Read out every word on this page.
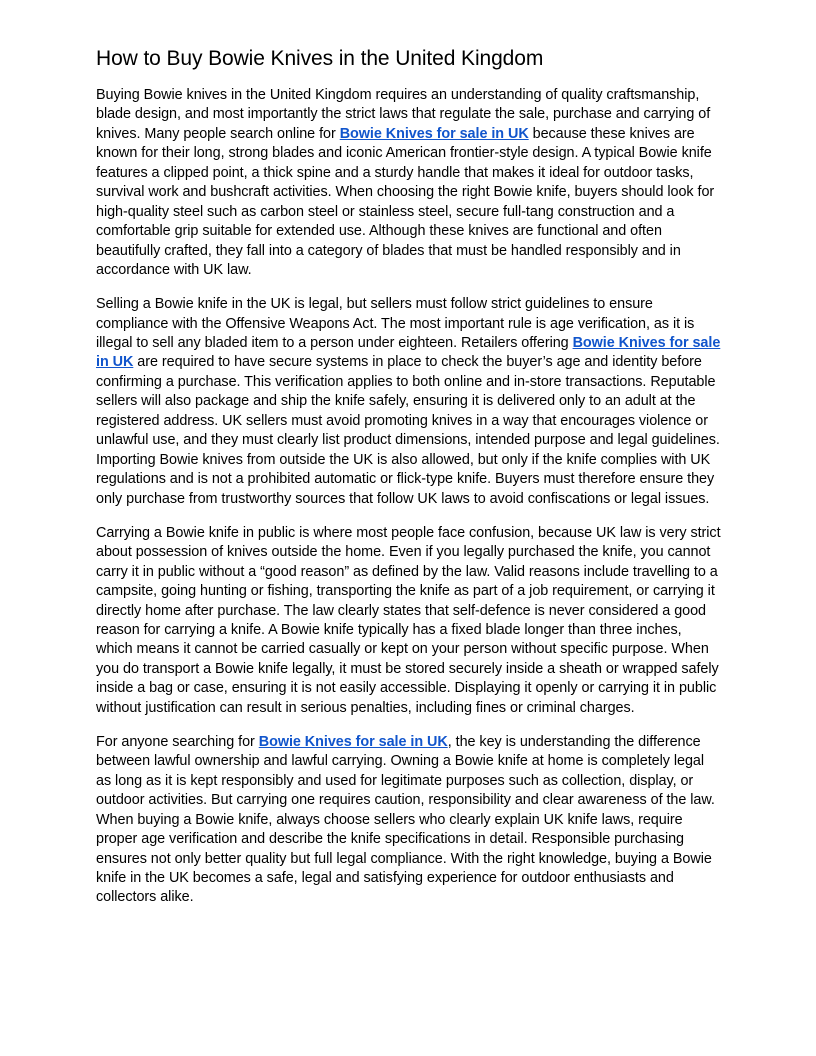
How to Buy Bowie Knives in the United Kingdom

Buying Bowie knives in the United Kingdom requires an understanding of quality craftsmanship, blade design, and most importantly the strict laws that regulate the sale, purchase and carrying of knives. Many people search online for Bowie Knives for sale in UK because these knives are known for their long, strong blades and iconic American frontier-style design. A typical Bowie knife features a clipped point, a thick spine and a sturdy handle that makes it ideal for outdoor tasks, survival work and bushcraft activities. When choosing the right Bowie knife, buyers should look for high-quality steel such as carbon steel or stainless steel, secure full-tang construction and a comfortable grip suitable for extended use. Although these knives are functional and often beautifully crafted, they fall into a category of blades that must be handled responsibly and in accordance with UK law.

Selling a Bowie knife in the UK is legal, but sellers must follow strict guidelines to ensure compliance with the Offensive Weapons Act. The most important rule is age verification, as it is illegal to sell any bladed item to a person under eighteen. Retailers offering Bowie Knives for sale in UK are required to have secure systems in place to check the buyer’s age and identity before confirming a purchase. This verification applies to both online and in-store transactions. Reputable sellers will also package and ship the knife safely, ensuring it is delivered only to an adult at the registered address. UK sellers must avoid promoting knives in a way that encourages violence or unlawful use, and they must clearly list product dimensions, intended purpose and legal guidelines. Importing Bowie knives from outside the UK is also allowed, but only if the knife complies with UK regulations and is not a prohibited automatic or flick-type knife. Buyers must therefore ensure they only purchase from trustworthy sources that follow UK laws to avoid confiscations or legal issues.

Carrying a Bowie knife in public is where most people face confusion, because UK law is very strict about possession of knives outside the home. Even if you legally purchased the knife, you cannot carry it in public without a “good reason” as defined by the law. Valid reasons include travelling to a campsite, going hunting or fishing, transporting the knife as part of a job requirement, or carrying it directly home after purchase. The law clearly states that self-defence is never considered a good reason for carrying a knife. A Bowie knife typically has a fixed blade longer than three inches, which means it cannot be carried casually or kept on your person without specific purpose. When you do transport a Bowie knife legally, it must be stored securely inside a sheath or wrapped safely inside a bag or case, ensuring it is not easily accessible. Displaying it openly or carrying it in public without justification can result in serious penalties, including fines or criminal charges.

For anyone searching for Bowie Knives for sale in UK, the key is understanding the difference between lawful ownership and lawful carrying. Owning a Bowie knife at home is completely legal as long as it is kept responsibly and used for legitimate purposes such as collection, display, or outdoor activities. But carrying one requires caution, responsibility and clear awareness of the law. When buying a Bowie knife, always choose sellers who clearly explain UK knife laws, require proper age verification and describe the knife specifications in detail. Responsible purchasing ensures not only better quality but full legal compliance. With the right knowledge, buying a Bowie knife in the UK becomes a safe, legal and satisfying experience for outdoor enthusiasts and collectors alike.
